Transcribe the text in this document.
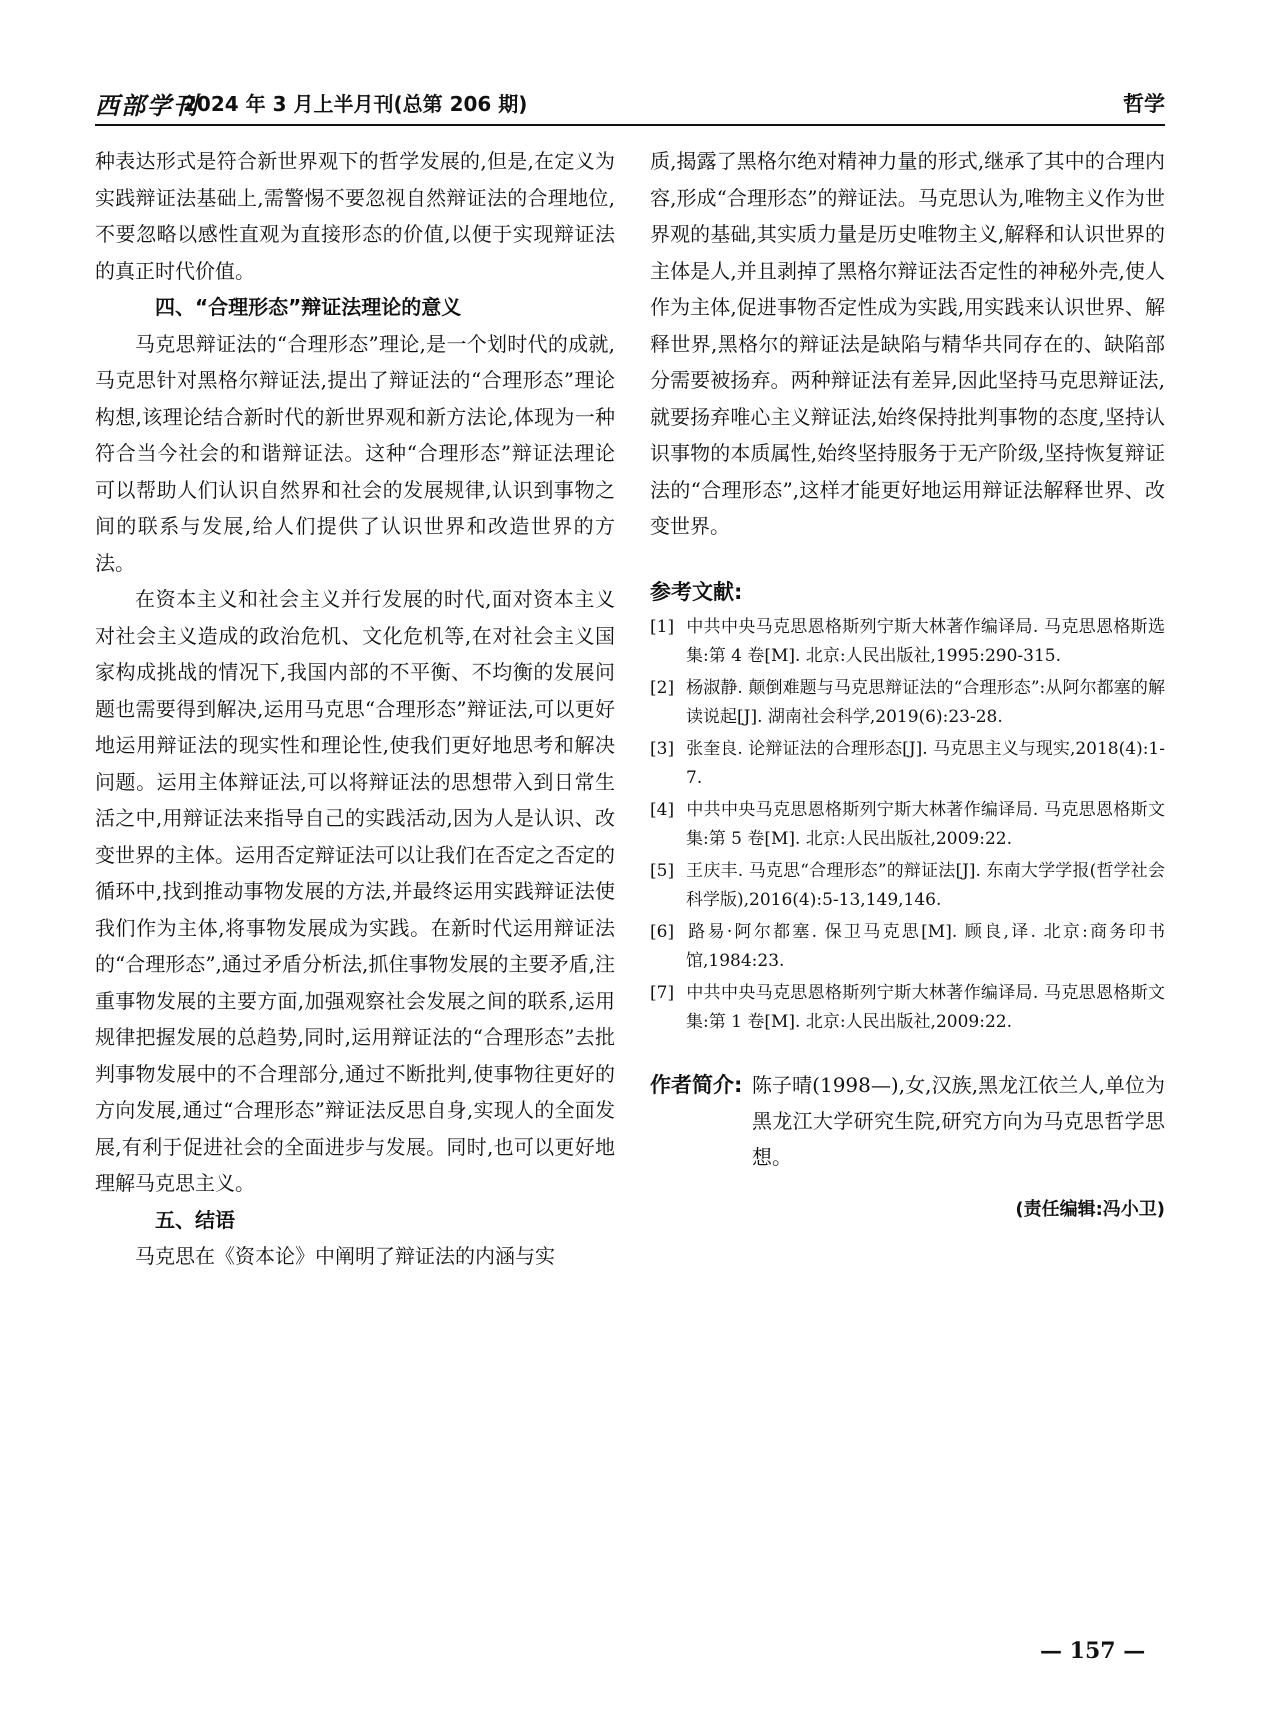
西部学刊
2024 年 3 月上半月刊(总第 206 期)	哲学

种表达形式是符合新世界观下的哲学发展的,但是,在定义为实践辩证法基础上,需警惕不要忽视自然辩证法的合理地位,不要忽略以感性直观为直接形态的价值,以便于实现辩证法的真正时代价值。

四、“合理形态”辩证法理论的意义

马克思辩证法的“合理形态”理论,是一个划时代的成就,马克思针对黑格尔辩证法,提出了辩证法的“合理形态”理论构想,该理论结合新时代的新世界观和新方法论,体现为一种符合当今社会的和谐辩证法。这种“合理形态”辩证法理论可以帮助人们认识自然界和社会的发展规律,认识到事物之间的联系与发展,给人们提供了认识世界和改造世界的方法。

在资本主义和社会主义并行发展的时代,面对资本主义对社会主义造成的政治危机、文化危机等,在对社会主义国家构成挑战的情况下,我国内部的不平衡、不均衡的发展问题也需要得到解决,运用马克思“合理形态”辩证法,可以更好地运用辩证法的现实性和理论性,使我们更好地思考和解决问题。运用主体辩证法,可以将辩证法的思想带入到日常生活之中,用辩证法来指导自己的实践活动,因为人是认识、改变世界的主体。运用否定辩证法可以让我们在否定之否定的循环中,找到推动事物发展的方法,并最终运用实践辩证法使我们作为主体,将事物发展成为实践。在新时代运用辩证法的“合理形态”,通过矛盾分析法,抓住事物发展的主要矛盾,注重事物发展的主要方面,加强观察社会发展之间的联系,运用规律把握发展的总趋势,同时,运用辩证法的“合理形态”去批判事物发展中的不合理部分,通过不断批判,使事物往更好的方向发展,通过“合理形态”辩证法反思自身,实现人的全面发展,有利于促进社会的全面进步与发展。同时,也可以更好地理解马克思主义。

五、结语

马克思在《资本论》中阐明了辩证法的内涵与实

质,揭露了黑格尔绝对精神力量的形式,继承了其中的合理内容,形成“合理形态”的辩证法。马克思认为,唯物主义作为世界观的基础,其实质力量是历史唯物主义,解释和认识世界的主体是人,并且剥掉了黑格尔辩证法否定性的神秘外壳,使人作为主体,促进事物否定性成为实践,用实践来认识世界、解释世界,黑格尔的辩证法是缺陷与精华共同存在的、缺陷部分需要被扬弃。两种辩证法有差异,因此坚持马克思辩证法,就要扬弃唯心主义辩证法,始终保持批判事物的态度,坚持认识事物的本质属性,始终坚持服务于无产阶级,坚持恢复辩证法的“合理形态”,这样才能更好地运用辩证法解释世界、改变世界。

参考文献:
[1] 中共中央马克思恩格斯列宁斯大林著作编译局. 马克思恩格斯选集:第 4 卷[M]. 北京:人民出版社,1995:290-315.
[2] 杨淑静. 颠倒难题与马克思辩证法的“合理形态”:从阿尔都塞的解读说起[J]. 湖南社会科学,2019(6):23-28.
[3] 张奎良. 论辩证法的合理形态[J]. 马克思主义与现实,2018(4):1-7.
[4] 中共中央马克思恩格斯列宁斯大林著作编译局. 马克思恩格斯文集:第 5 卷[M]. 北京:人民出版社,2009:22.
[5] 王庆丰. 马克思“合理形态”的辩证法[J]. 东南大学学报(哲学社会科学版),2016(4):5-13,149,146.
[6] 路易·阿尔都塞. 保卫马克思[M]. 顾良,译. 北京:商务印书馆,1984:23.
[7] 中共中央马克思恩格斯列宁斯大林著作编译局. 马克思恩格斯文集:第 1 卷[M]. 北京:人民出版社,2009:22.
作者简介: 陈子晴(1998—),女,汉族,黑龙江依兰人,单位为黑龙江大学研究生院,研究方向为马克思哲学思想。

(责任编辑:冯小卫)
— 157 —
